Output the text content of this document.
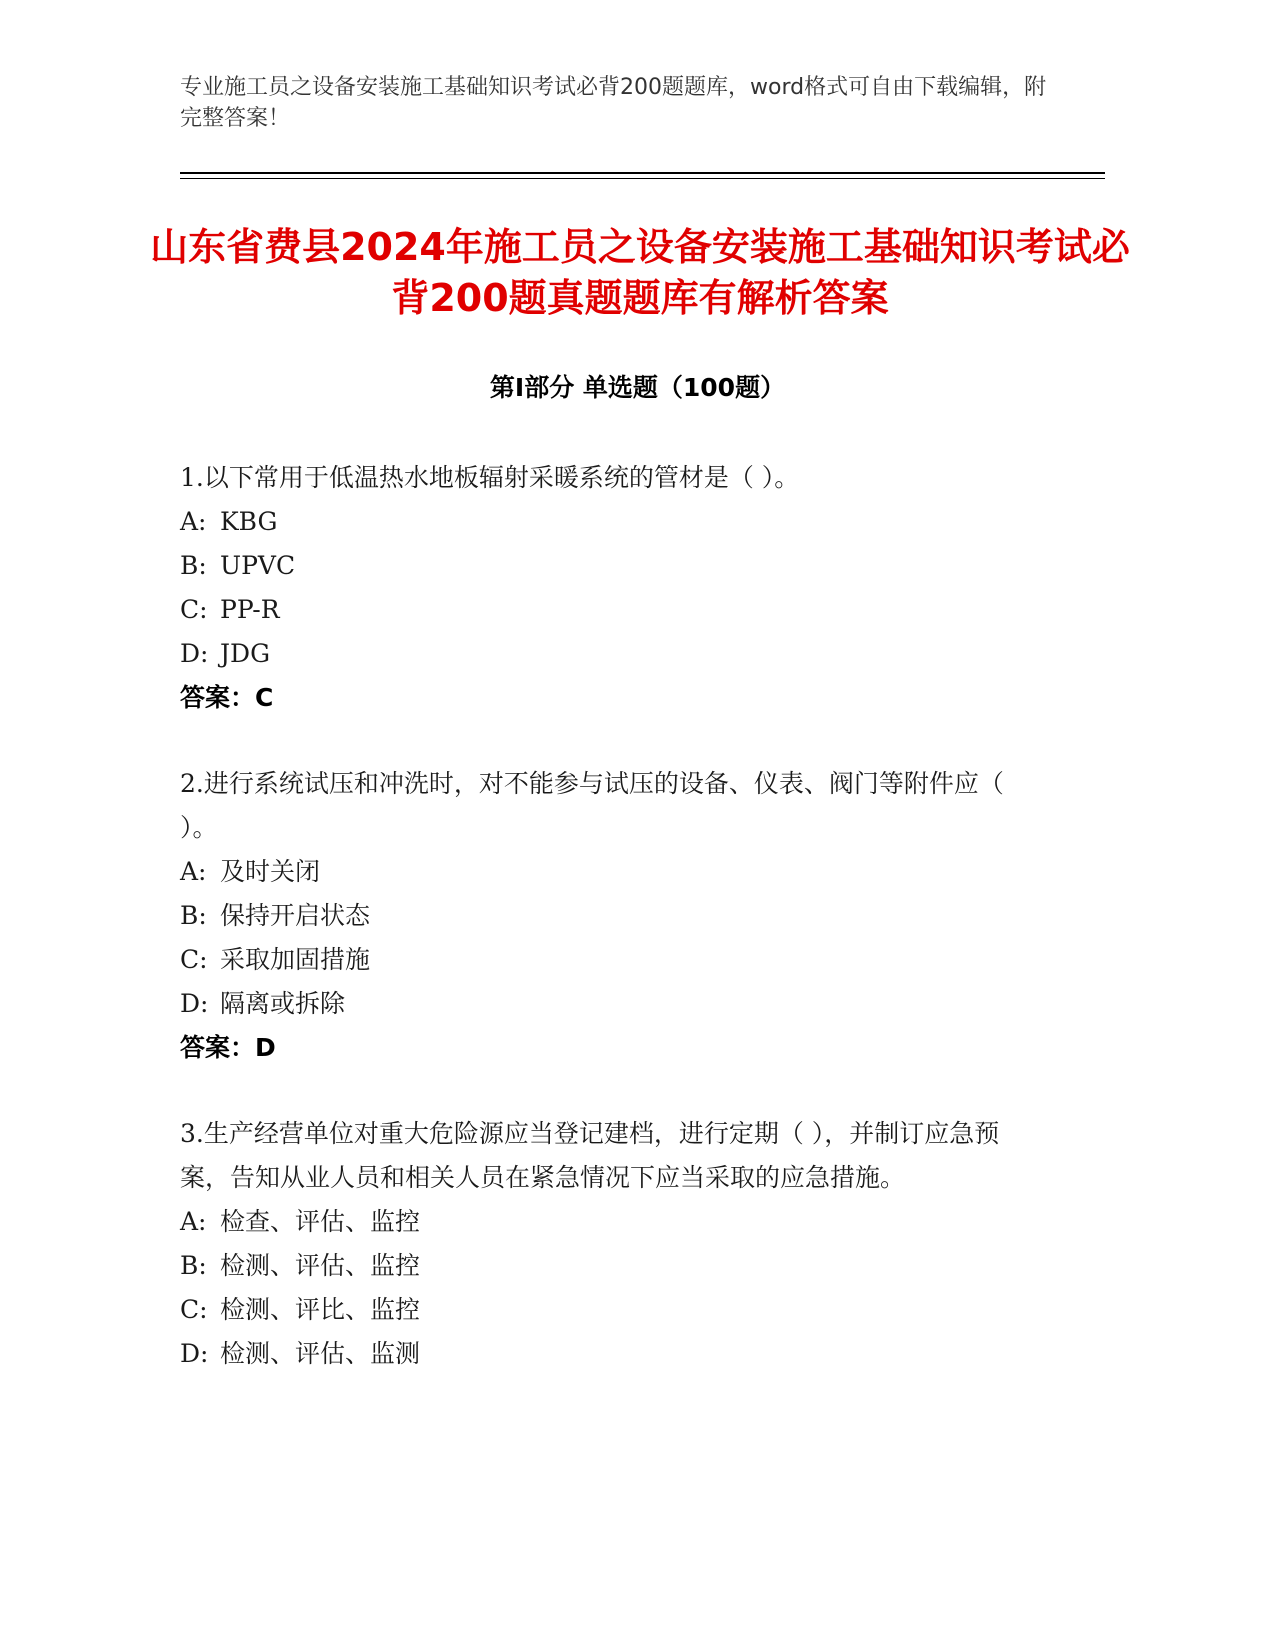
专业施工员之设备安装施工基础知识考试必背200题题库，word格式可自由下载编辑，附完整答案！
山东省费县2024年施工员之设备安装施工基础知识考试必背200题真题题库有解析答案
第Ⅰ部分 单选题（100题）

1.以下常用于低温热水地板辐射采暖系统的管材是（ ）。

A: KBG

B: UPVC

C: PP-R

D: JDG

答案：C

2.进行系统试压和冲洗时，对不能参与试压的设备、仪表、阀门等附件应（ ）。

A: 及时关闭

B: 保持开启状态

C: 采取加固措施

D: 隔离或拆除

答案：D

3.生产经营单位对重大危险源应当登记建档，进行定期（ ），并制订应急预案，告知从业人员和相关人员在紧急情况下应当采取的应急措施。

A: 检查、评估、监控

B: 检测、评估、监控

C: 检测、评比、监控

D: 检测、评估、监测
